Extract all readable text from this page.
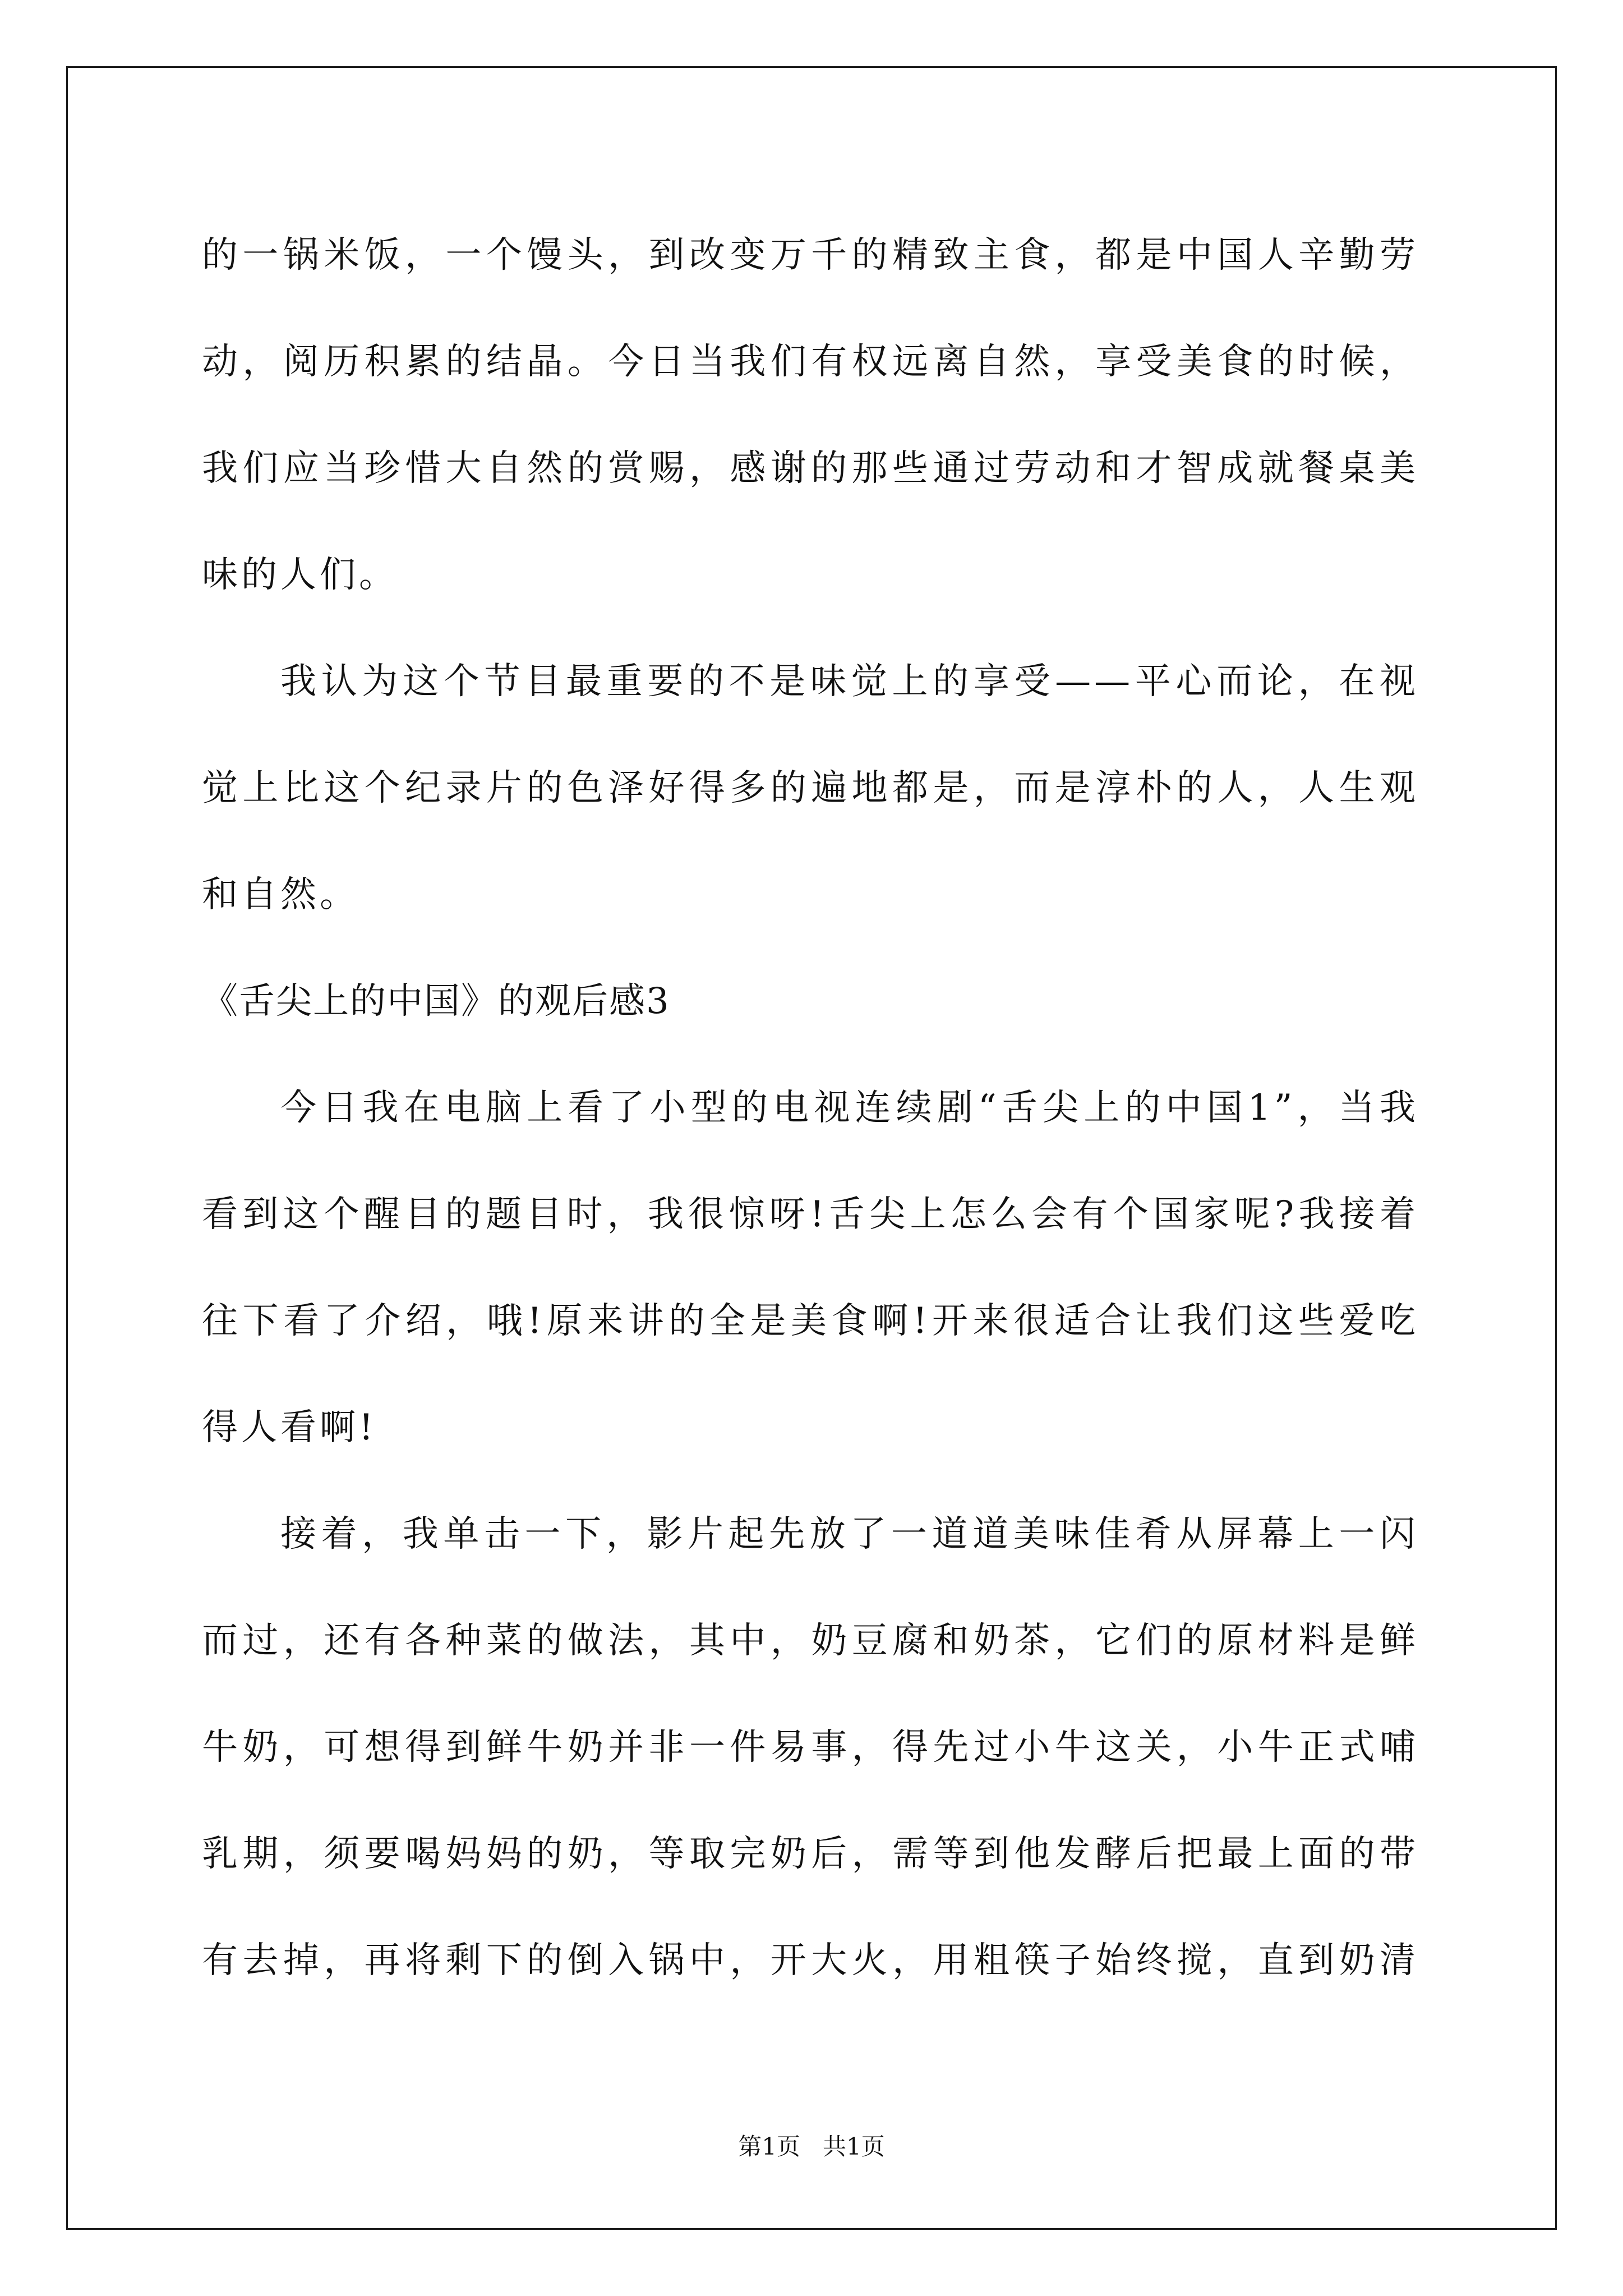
的一锅米饭，一个馒头，到改变万千的精致主食，都是中国人辛勤劳
动，阅历积累的结晶。今日当我们有权远离自然，享受美食的时候，
我们应当珍惜大自然的赏赐，感谢的那些通过劳动和才智成就餐桌美
味的人们。
我认为这个节目最重要的不是味觉上的享受——平心而论，在视
觉上比这个纪录片的色泽好得多的遍地都是，而是淳朴的人，人生观
和自然。
《舌尖上的中国》的观后感3
今日我在电脑上看了小型的电视连续剧“舌尖上的中国1”，当我
看到这个醒目的题目时，我很惊呀!舌尖上怎么会有个国家呢?我接着
往下看了介绍，哦!原来讲的全是美食啊!开来很适合让我们这些爱吃
得人看啊!
接着，我单击一下，影片起先放了一道道美味佳肴从屏幕上一闪
而过，还有各种菜的做法，其中，奶豆腐和奶茶，它们的原材料是鲜
牛奶，可想得到鲜牛奶并非一件易事，得先过小牛这关，小牛正式哺
乳期，须要喝妈妈的奶，等取完奶后，需等到他发酵后把最上面的带
有去掉，再将剩下的倒入锅中，开大火，用粗筷子始终搅，直到奶清
第1页   共1页
